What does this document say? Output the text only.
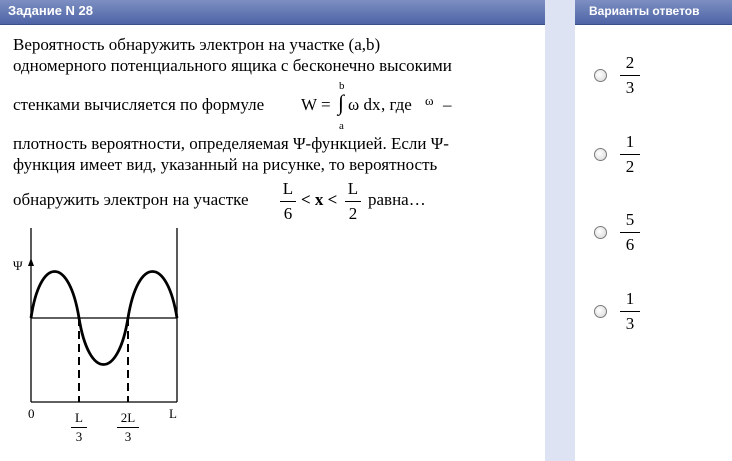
Задание N 28
Вероятность обнаружить электрон на участке (a,b)
одномерного потенциального ящика с бесконечно высокими
стенками вычисляется по формуле W =
b
∫
a
ω dx , где ω –
плотность вероятности, определяемая Ψ-функцией. Если Ψ-
функция имеет вид, указанный на рисунке, то вероятность
обнаружить электрон на участке
L
6
< x <
L
2
равна…
Ψ
0	L
L
3
2L
3
Варианты ответов
2
3
1
2
5
6
1
3
